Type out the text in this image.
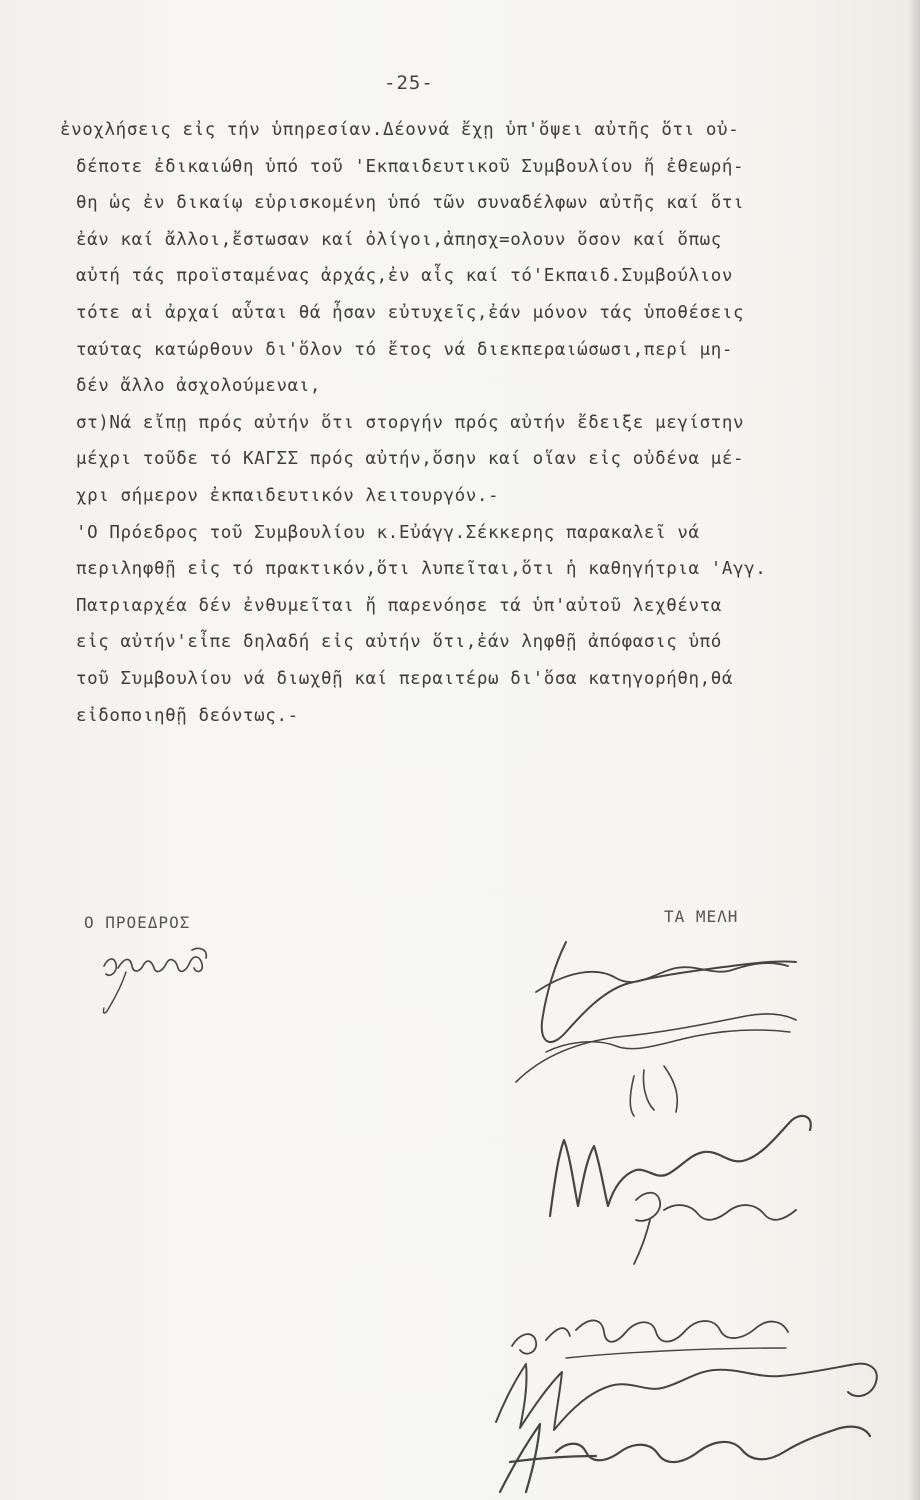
-25-
ἐνοχλήσεις εἰς τήν ὑπηρεσίαν.Δέοννά ἔχῃ ὑπ'ὄψει αὐτῆς ὅτι οὐ-
δέποτε ἐδικαιώθη ὑπό τοῦ 'Εκπαιδευτικοῦ Συμβουλίου ἤ ἐθεωρή-
θη ὡς ἐν δικαίῳ εὑρισκομένη ὑπό τῶν συναδέλφων αὐτῆς καί ὅτι
ἐάν καί ἄλλοι,ἔστωσαν καί ὀλίγοι,ἀπησχ=ολουν ὅσον καί ὅπως
αὐτή τάς προϊσταμένας ἀρχάς,ἐν αἷς καί τό'Εκπαιδ.Συμβούλιον
τότε αἱ ἀρχαί αὗται θά ἦσαν εὐτυχεῖς,ἐάν μόνον τάς ὑποθέσεις
ταύτας κατώρθουν δι'ὅλον τό ἔτος νά διεκπεραιώσωσι,περί μη-
δέν ἄλλο ἀσχολούμεναι,
στ)Νά εἴπῃ πρός αὐτήν ὅτι στοργήν πρός αὐτήν ἔδειξε μεγίστην
μέχρι τοῦδε τό ΚΑΓΣΣ πρός αὐτήν,ὅσην καί οἵαν εἰς οὐδένα μέ-
χρι σήμερον ἐκπαιδευτικόν λειτουργόν.-
'Ο Πρόεδρος τοῦ Συμβουλίου κ.Εὐάγγ.Σέκκερης παρακαλεῖ νά
περιληφθῇ εἰς τό πρακτικόν,ὅτι λυπεῖται,ὅτι ἡ καθηγήτρια 'Αγγ.
Πατριαρχέα δέν ἐνθυμεῖται ἤ παρενόησε τά ὑπ'αὐτοῦ λεχθέντα
εἰς αὐτήν'εἶπε δηλαδή εἰς αὐτήν ὅτι,ἐάν ληφθῇ ἀπόφασις ὑπό
τοῦ Συμβουλίου νά διωχθῇ καί περαιτέρω δι'ὅσα κατηγορήθη,θά
εἰδοποιηθῇ δεόντως.-
Ο ΠΡΟΕΔΡΟΣ	ΤΑ ΜΕΛΗ
